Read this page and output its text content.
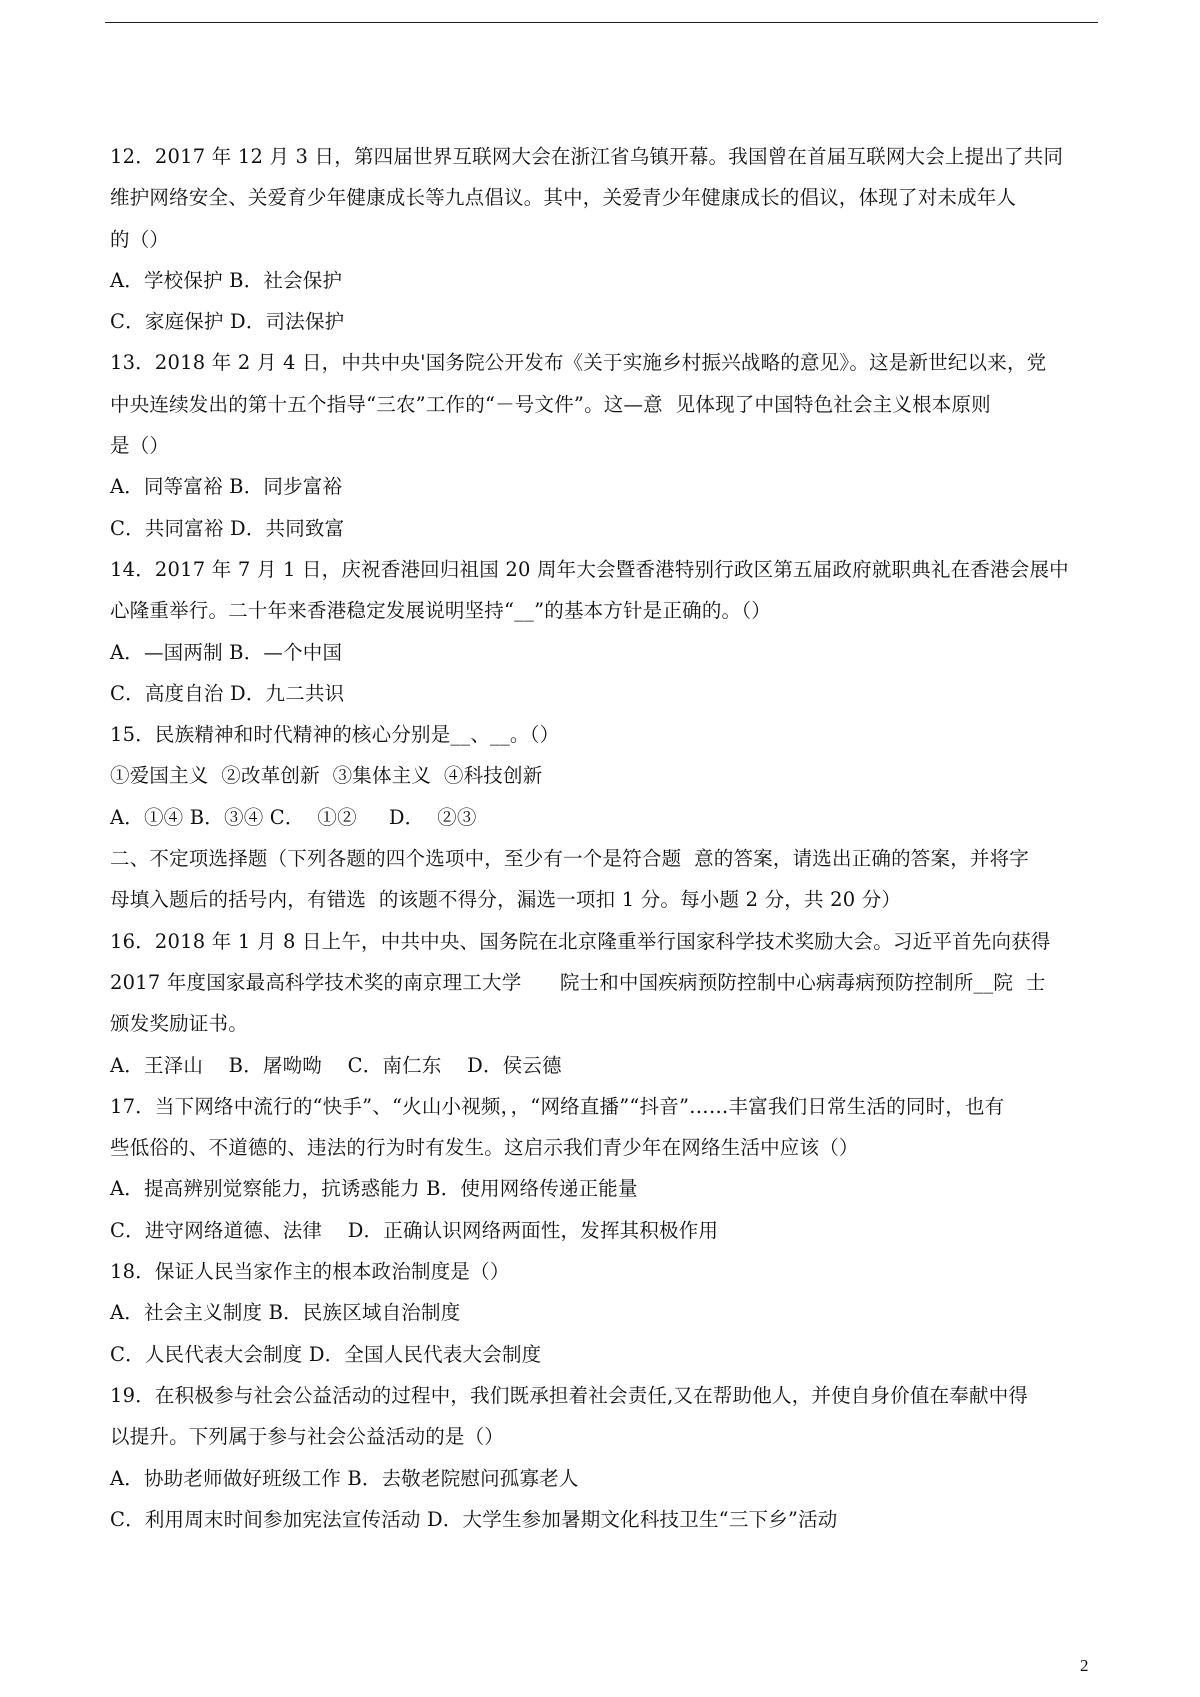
12．2017 年 12 月 3 日，第四届世界互联网大会在浙江省乌镇开幕。我国曾在首届互联网大会上提出了共同
维护网络安全、关爱育少年健康成长等九点倡议。其中，关爱青少年健康成长的倡议，体现了对未成年人
的（）
A．学校保护 B．社会保护
C．家庭保护 D．司法保护
13．2018 年 2 月 4 日，中共中央'国务院公开发布《关于实施乡村振兴战略的意见》。这是新世纪以来，党
中央连续发出的第十五个指导“三农”工作的“－号文件”。这—意  见体现了中国特色社会主义根本原则
是（）
A．同等富裕 B．同步富裕
C．共同富裕 D．共同致富
14．2017 年 7 月 1 日，庆祝香港回归祖国 20 周年大会暨香港特别行政区第五届政府就职典礼在香港会展中
心隆重举行。二十年来香港稳定发展说明坚持“__”的基本方针是正确的。（）
A．—国两制 B．—个中国
C．高度自治 D．九二共识
15．民族精神和时代精神的核心分别是__、__。（）
①爱国主义  ②改革创新  ③集体主义  ④科技创新
A．①④ B．③④ C．  ①②     D．  ②③
二、不定项选择题（下列各题的四个选项中，至少有一个是符合题  意的答案，请选出正确的答案，并将字
母填入题后的括号内，有错选  的该题不得分，漏选一项扣 1 分。每小题 2 分，共 20 分）
16．2018 年 1 月 8 日上午，中共中央、国务院在北京隆重举行国家科学技术奖励大会。习近平首先向获得
2017 年度国家最高科学技术奖的南京理工大学      院士和中国疾病预防控制中心病毒病预防控制所__院  士
颁发奖励证书。
A．王泽山    B．屠呦呦    C．南仁东    D．侯云德
17．当下网络中流行的“快手”、“火山小视频，，“网络直播”“抖音”……丰富我们日常生活的同时，也有
些低俗的、不道德的、违法的行为时有发生。这启示我们青少年在网络生活中应该（）
A．提高辨别觉察能力，抗诱惑能力 B．使用网络传递正能量
C．进守网络道德、法律    D．正确认识网络两面性，发挥其积极作用
18．保证人民当家作主的根本政治制度是（）
A．社会主义制度 B．民族区域自治制度
C．人民代表大会制度 D．全国人民代表大会制度
19．在积极参与社会公益活动的过程中，我们既承担着社会责任,又在帮助他人，并使自身价值在奉献中得
以提升。下列属于参与社会公益活动的是（）
A．协助老师做好班级工作 B．去敬老院慰问孤寡老人
C．利用周末时间参加宪法宣传活动 D．大学生参加暑期文化科技卫生“三下乡”活动
2
